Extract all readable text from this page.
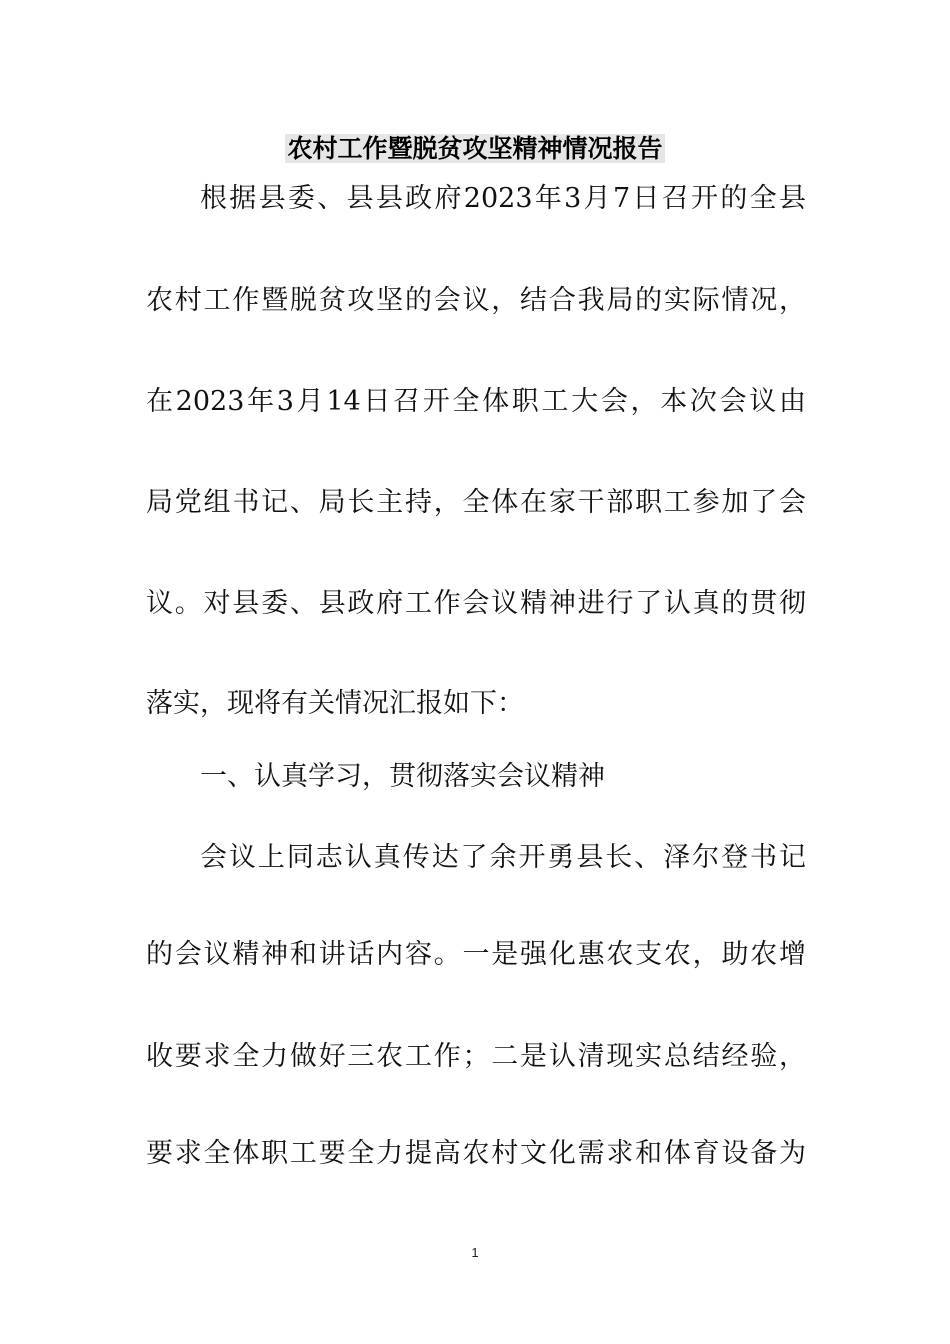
农村工作暨脱贫攻坚精神情况报告
根据县委、县县政府2023年3月7日召开的全县
农村工作暨脱贫攻坚的会议，结合我局的实际情况，
在2023年3月14日召开全体职工大会，本次会议由
局党组书记、局长主持，全体在家干部职工参加了会
议。对县委、县政府工作会议精神进行了认真的贯彻
落实，现将有关情况汇报如下：
一、认真学习，贯彻落实会议精神
会议上同志认真传达了余开勇县长、泽尔登书记
的会议精神和讲话内容。一是强化惠农支农，助农增
收要求全力做好三农工作；二是认清现实总结经验，
要求全体职工要全力提高农村文化需求和体育设备为
1
